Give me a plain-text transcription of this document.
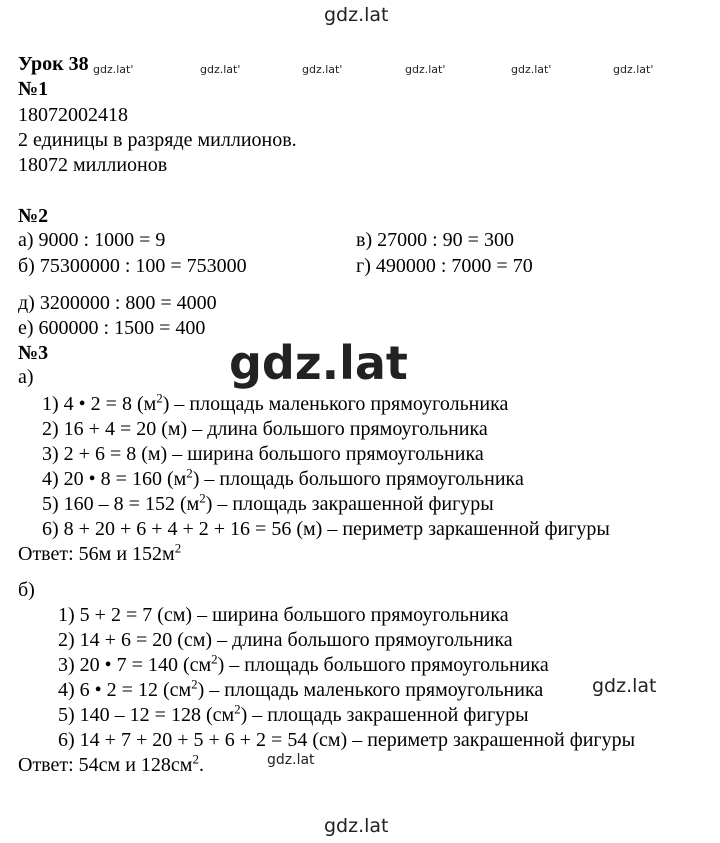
gdz.lat
gdz.lat'	gdz.lat'	gdz.lat'	gdz.lat'	gdz.lat'	gdz.lat'
gdz.lat
gdz.lat
gdz.lat
gdz.lat
Урок 38
№1
18072002418
2 единицы в разряде миллионов.
18072 миллионов
№2
а) 9000 : 1000 = 9
б) 75300000 : 100 = 753000
в) 27000 : 90 = 300
г) 490000 : 7000 = 70
д) 3200000 : 800 = 4000
е) 600000 : 1500 = 400
№3
а)
1) 4 • 2 = 8 $(м^2)$ – площадь маленького прямоугольника
2) 16 + 4 = 20 (м) – длина большого прямоугольника
3) 2 + 6 = 8 (м) – ширина большого прямоугольника
4) 20 • 8 = 160 $(м^2)$ – площадь большого прямоугольника
5) 160 – 8 = 152 $(м^2)$ – площадь закрашенной фигуры
6) 8 + 20 + 6 + 4 + 2 + 16 = 56 (м) – периметр заркашенной фигуры
Ответ: 56м и $152м^2$
б)
1) 5 + 2 = 7 (см) – ширина большого прямоугольника
2) 14 + 6 = 20 (см) – длина большого прямоугольника
3) 20 • 7 = 140 $(см^2)$ – площадь большого прямоугольника
4) 6 • 2 = 12 $(см^2)$ – площадь маленького прямоугольника
5) 140 – 12 = 128 $(см^2)$ – площадь закрашенной фигуры
6) 14 + 7 + 20 + 5 + 6 + 2 = 54 (см) – периметр закрашенной фигуры
Ответ: 54см и $128см^2$.
